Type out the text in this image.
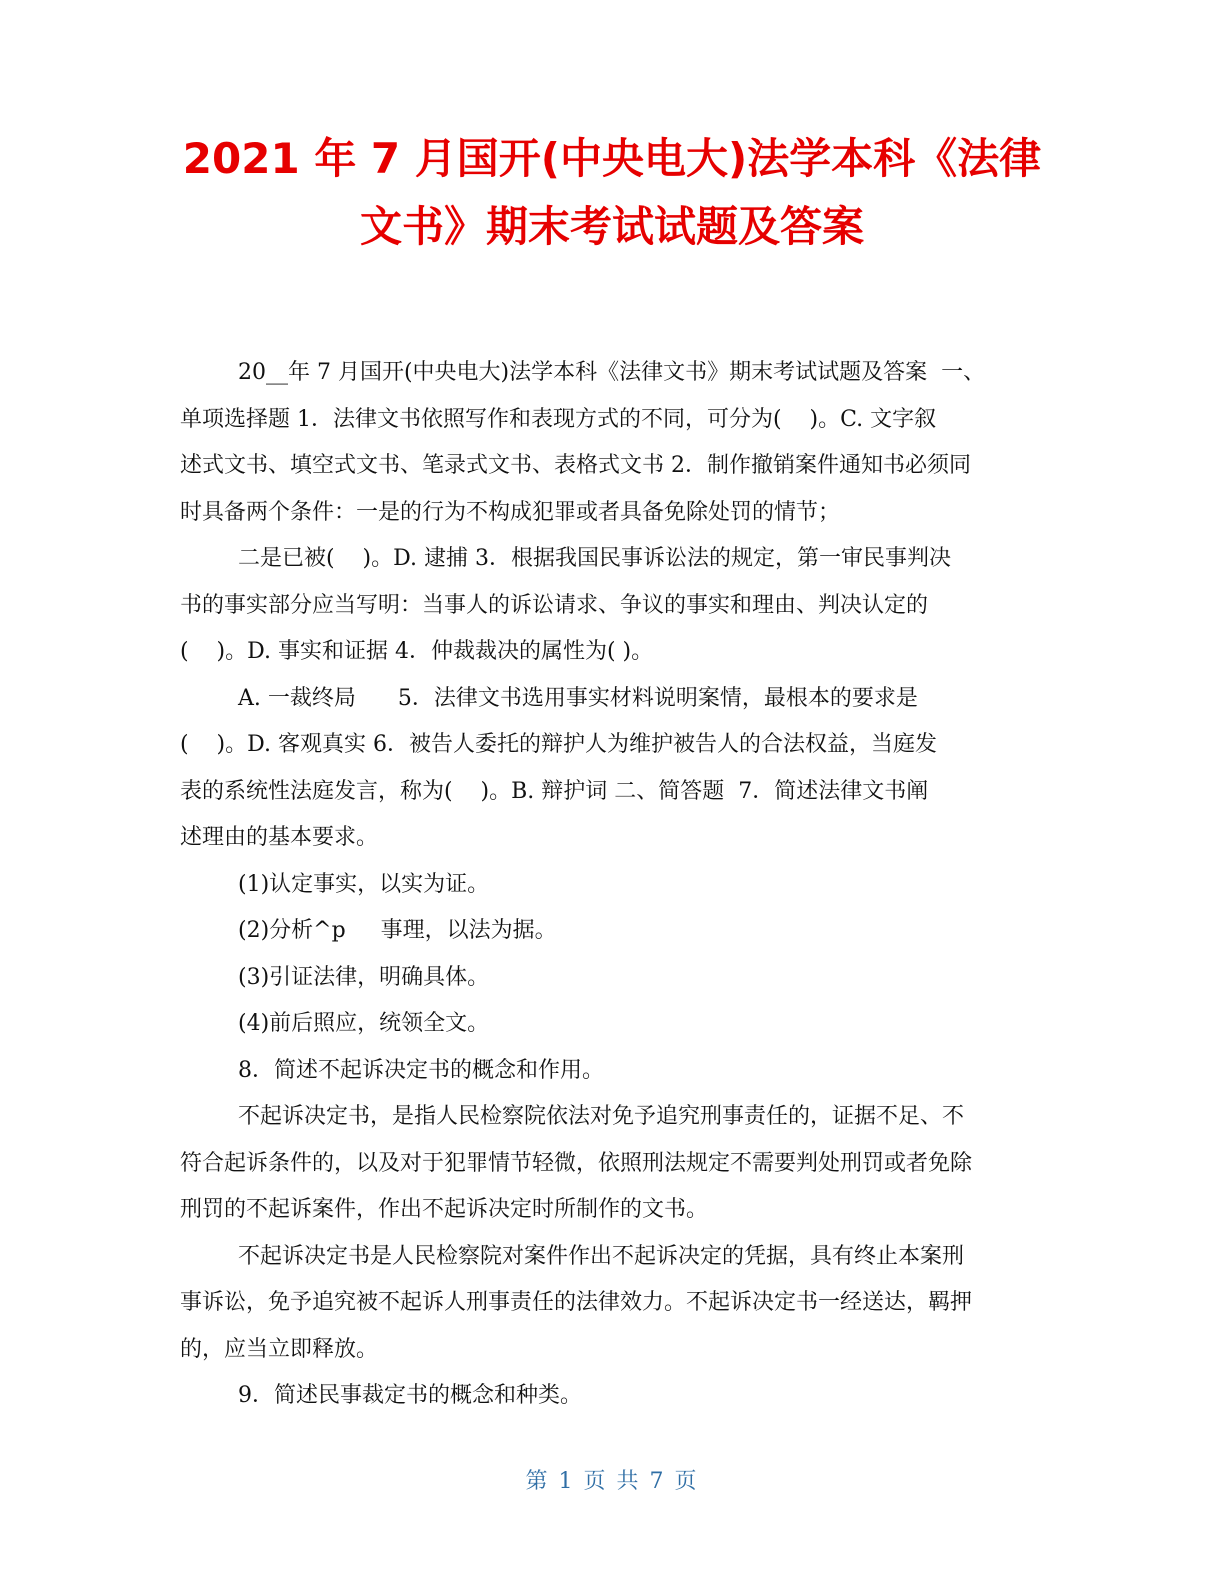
2021 年 7 月国开(中央电大)法学本科《法律
文书》期末考试试题及答案

20__年 7 月国开(中央电大)法学本科《法律文书》期末考试试题及答案  一、

单项选择题 1．法律文书依照写作和表现方式的不同，可分为(    )。C. 文字叙

述式文书、填空式文书、笔录式文书、表格式文书 2．制作撤销案件通知书必须同

时具备两个条件：一是的行为不构成犯罪或者具备免除处罚的情节；

二是已被(    )。D. 逮捕 3．根据我国民事诉讼法的规定，第一审民事判决

书的事实部分应当写明：当事人的诉讼请求、争议的事实和理由、判决认定的

(    )。D. 事实和证据 4．仲裁裁决的属性为( )。

A. 一裁终局      5．法律文书选用事实材料说明案情，最根本的要求是

(    )。D. 客观真实 6．被告人委托的辩护人为维护被告人的合法权益，当庭发

表的系统性法庭发言，称为(    )。B. 辩护词 二、简答题  7．简述法律文书阐

述理由的基本要求。

(1)认定事实，以实为证。

(2)分析^p     事理，以法为据。

(3)引证法律，明确具体。

(4)前后照应，统领全文。

8．简述不起诉决定书的概念和作用。

不起诉决定书，是指人民检察院依法对免予追究刑事责任的，证据不足、不

符合起诉条件的，以及对于犯罪情节轻微，依照刑法规定不需要判处刑罚或者免除

刑罚的不起诉案件，作出不起诉决定时所制作的文书。

不起诉决定书是人民检察院对案件作出不起诉决定的凭据，具有终止本案刑

事诉讼，免予追究被不起诉人刑事责任的法律效力。不起诉决定书一经送达，羁押

的，应当立即释放。

9．简述民事裁定书的概念和种类。

第 1 页 共 7 页
